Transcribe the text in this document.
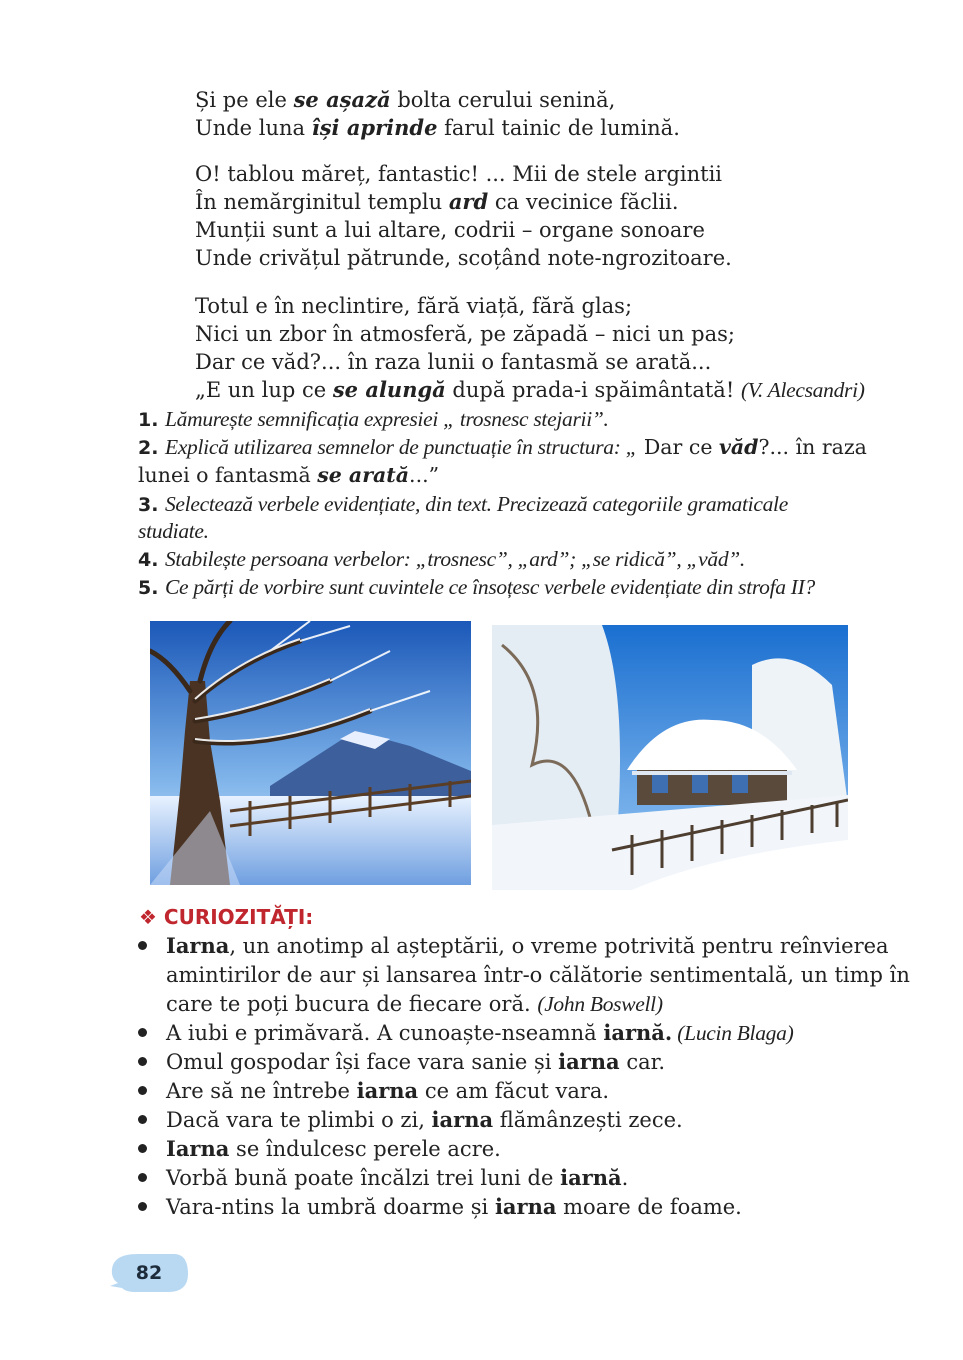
Și pe ele se așază bolta cerului senină,
Unde luna își aprinde farul tainic de lumină.
O! tablou măreț, fantastic! ... Mii de stele argintii
În nemărginitul templu ard ca vecinice făclii.
Munții sunt a lui altare, codrii – organe sonoare
Unde crivățul pătrunde, scoțând note-ngrozitoare.
Totul e în neclintire, fără viață, fără glas;
Nici un zbor în atmosferă, pe zăpadă – nici un pas;
Dar ce văd?... în raza lunii o fantasmă se arată...
„E un lup ce se alungă după prada-i spăimântată! (V. Alecsandri)
1. Lămurește semnificația expresiei „ trosnesc stejarii”.
2. Explică utilizarea semnelor de punctuație în structura: „ Dar ce văd?... în raza
lunei o fantasmă se arată...”
3. Selectează verbele evidențiate, din text. Precizează categoriile gramaticale
studiate.
4. Stabilește persoana verbelor: „trosnesc”, „ard”; „se ridică”, „văd”.
5. Ce părți de vorbire sunt cuvintele ce însoțesc verbele evidențiate din strofa II?
❖ CURIOZITĂȚI:
Iarna, un anotimp al așteptării, o vreme potrivită pentru reînvierea
amintirilor de aur și lansarea într-o călătorie sentimentală, un timp în
care te poți bucura de fiecare oră. (John Boswell)
A iubi e primăvară. A cunoaște-nseamnă iarnă. (Lucin Blaga)
Omul gospodar își face vara sanie și iarna car.
Are să ne întrebe iarna ce am făcut vara.
Dacă vara te plimbi o zi, iarna flămânzești zece.
Iarna se îndulcesc perele acre.
Vorbă bună poate încălzi trei luni de iarnă.
Vara-ntins la umbră doarme și iarna moare de foame.
82
